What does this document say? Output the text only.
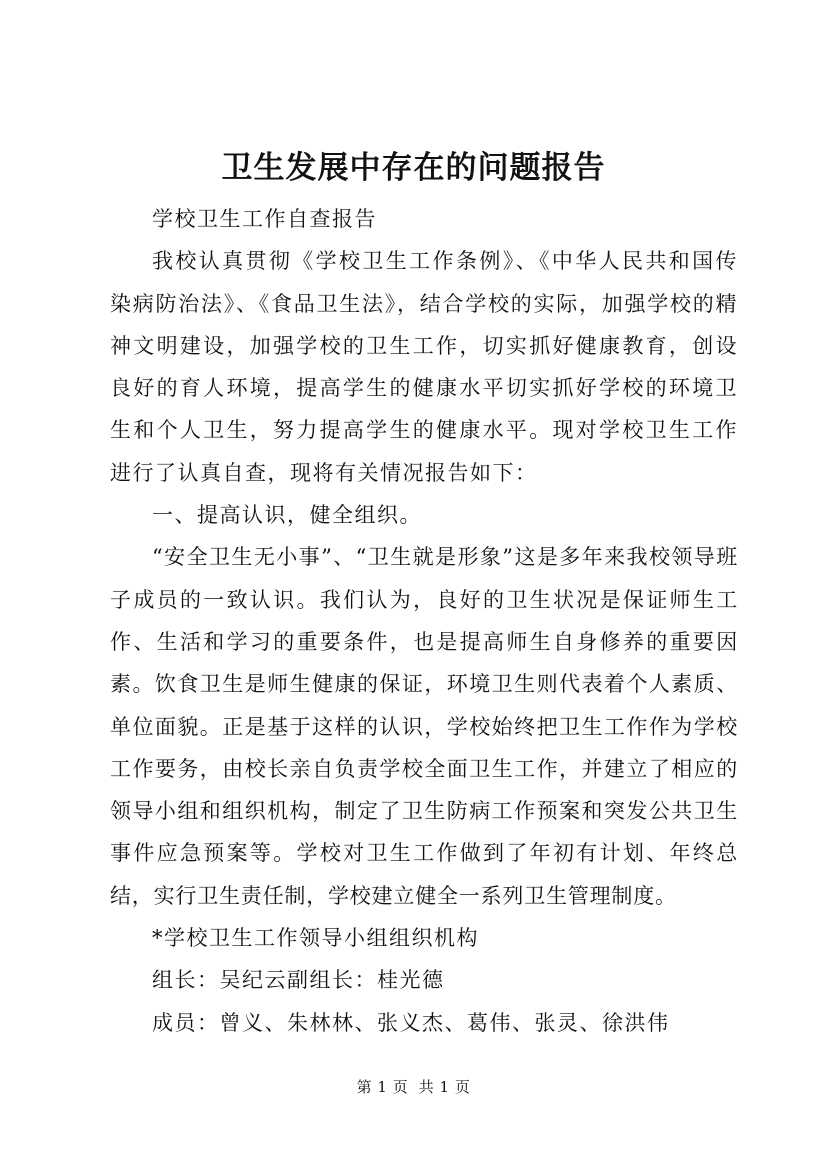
卫生发展中存在的问题报告

学校卫生工作自查报告

我校认真贯彻《学校卫生工作条例》、《中华人民共和国传染病防治法》、《食品卫生法》，结合学校的实际，加强学校的精神文明建设，加强学校的卫生工作，切实抓好健康教育，创设良好的育人环境，提高学生的健康水平切实抓好学校的环境卫生和个人卫生，努力提高学生的健康水平。现对学校卫生工作进行了认真自查，现将有关情况报告如下：

一、提高认识，健全组织。

“安全卫生无小事”、“卫生就是形象”这是多年来我校领导班子成员的一致认识。我们认为，良好的卫生状况是保证师生工作、生活和学习的重要条件，也是提高师生自身修养的重要因素。饮食卫生是师生健康的保证，环境卫生则代表着个人素质、单位面貌。正是基于这样的认识，学校始终把卫生工作作为学校工作要务，由校长亲自负责学校全面卫生工作，并建立了相应的领导小组和组织机构，制定了卫生防病工作预案和突发公共卫生事件应急预案等。学校对卫生工作做到了年初有计划、年终总结，实行卫生责任制，学校建立健全一系列卫生管理制度。

*学校卫生工作领导小组组织机构

组长：吴纪云副组长：桂光德

成员：曾义、朱林林、张义杰、葛伟、张灵、徐洪伟

第 1 页  共 1 页
